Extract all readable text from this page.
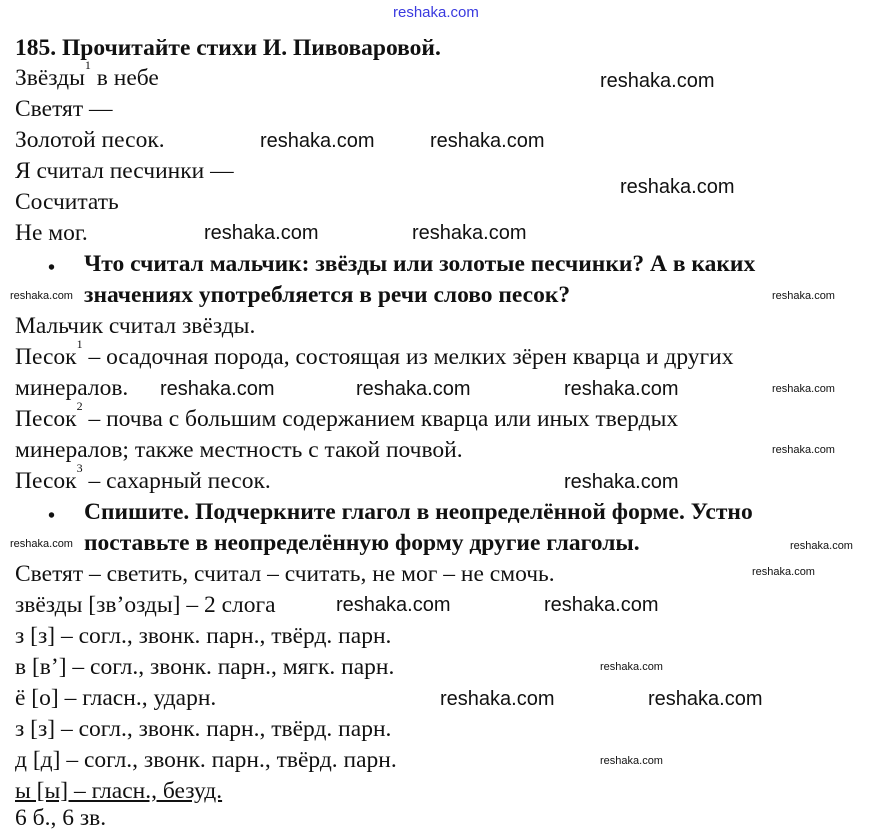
reshaka.com
185. Прочитайте стихи И. Пивоваровой.
Звёзды$^1$ в небе
Светят —
Золотой песок.
Я считал песчинки —
Сосчитать
Не мог.
• Что считал мальчик: звёзды или золотые песчинки? А в каких
значениях употребляется в речи слово песок?
Мальчик считал звёзды.
Песок$^1$ – осадочная порода, состоящая из мелких зёрен кварца и других
минералов.
Песок$^2$ – почва с большим содержанием кварца или иных твердых
минералов; также местность с такой почвой.
Песок$^3$ – сахарный песок.
• Спишите. Подчеркните глагол в неопределённой форме. Устно
поставьте в неопределённую форму другие глаголы.
Светят – светить, считал – считать, не мог – не смочь.
звёзды [зв’озды] – 2 слога
з [з] – согл., звонк. парн., твёрд. парн.
в [в’] – согл., звонк. парн., мягк. парн.
ё [о] – гласн., ударн.
з [з] – согл., звонк. парн., твёрд. парн.
д [д] – согл., звонк. парн., твёрд. парн.
ы [ы] – гласн., безуд.
6 б., 6 зв.
reshaka.com
reshaka.com	reshaka.com
reshaka.com
reshaka.com	reshaka.com
reshaka.com	reshaka.com
reshaka.com	reshaka.com
reshaka.com	reshaka.com
reshaka.com
reshaka.com
reshaka.com	reshaka.com
reshaka.com
reshaka.com	reshaka.com
reshaka.com
reshaka.com	reshaka.com
reshaka.com
